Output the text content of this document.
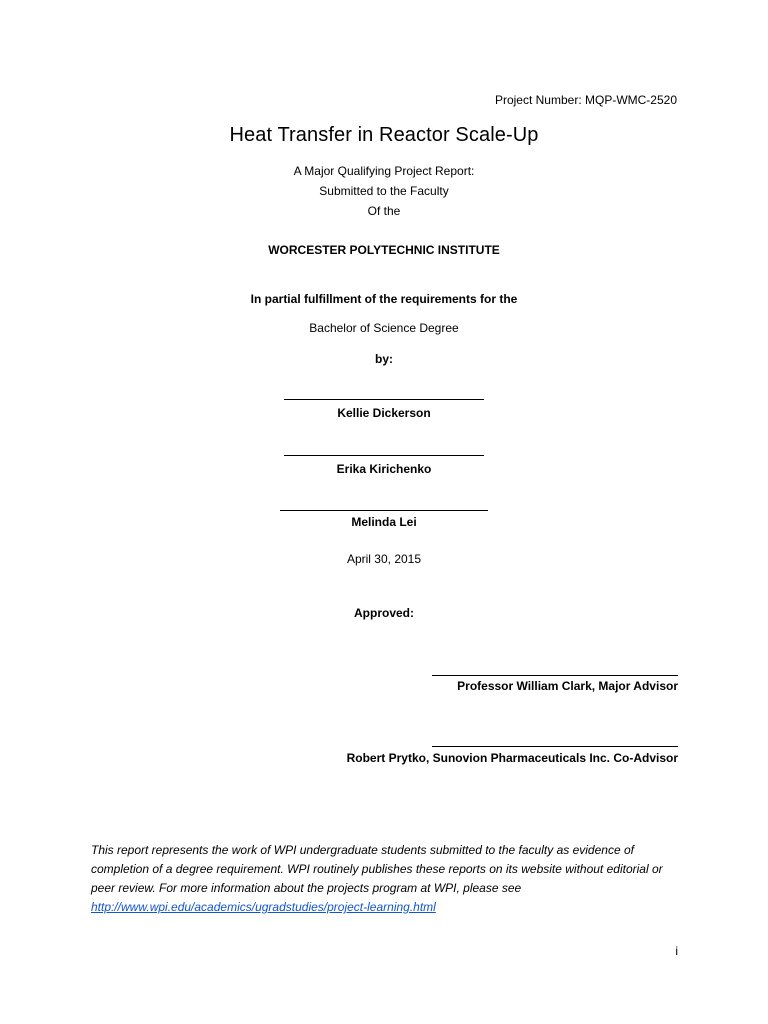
Project Number: MQP-WMC-2520
Heat Transfer in Reactor Scale-Up
A Major Qualifying Project Report:
Submitted to the Faculty
Of the
WORCESTER POLYTECHNIC INSTITUTE
In partial fulfillment of the requirements for the
Bachelor of Science Degree
by:
Kellie Dickerson
Erika Kirichenko
Melinda Lei
April 30, 2015
Approved:
Professor William Clark, Major Advisor
Robert Prytko, Sunovion Pharmaceuticals Inc. Co-Advisor
This report represents the work of WPI undergraduate students submitted to the faculty as evidence of completion of a degree requirement. WPI routinely publishes these reports on its website without editorial or peer review. For more information about the projects program at WPI, please see http://www.wpi.edu/academics/ugradstudies/project-learning.html
i
